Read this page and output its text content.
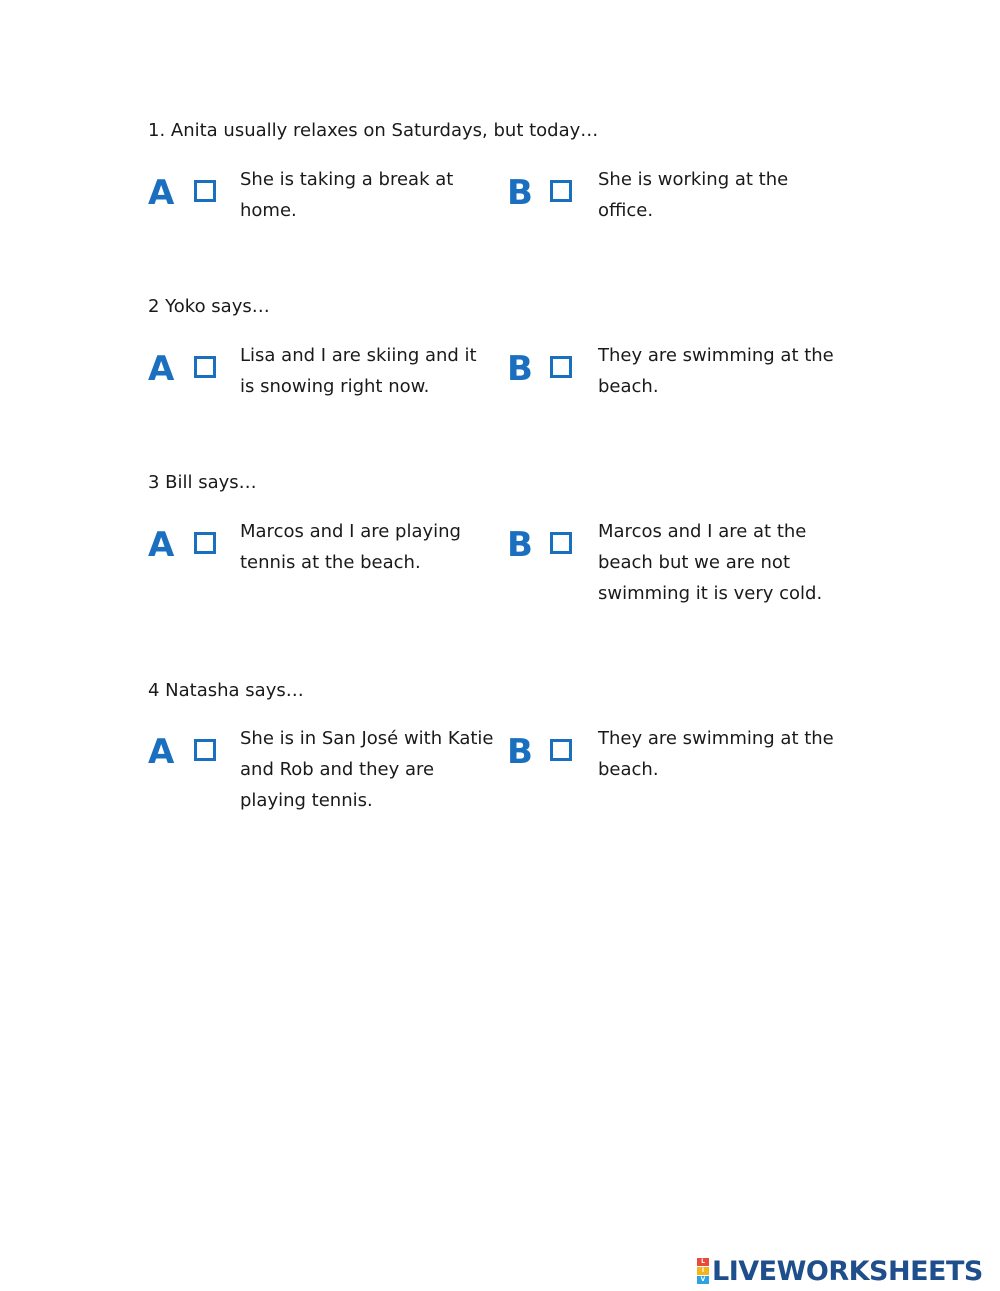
1. Anita usually relaxes on Saturdays, but today…
A	She is taking a break at home.	B	She is working at the office.
2 Yoko says…
A	Lisa and I are skiing and it is snowing right now.	B	They are swimming at the beach.
3 Bill says…
A	Marcos and I are playing tennis at the beach.	B	Marcos and I are at the beach but we are not swimming it is very cold.
4 Natasha says…
A	She is in San José with Katie and Rob and they are playing tennis.
B	They are swimming at the beach.
L
I
V LIVEWORKSHEETS
